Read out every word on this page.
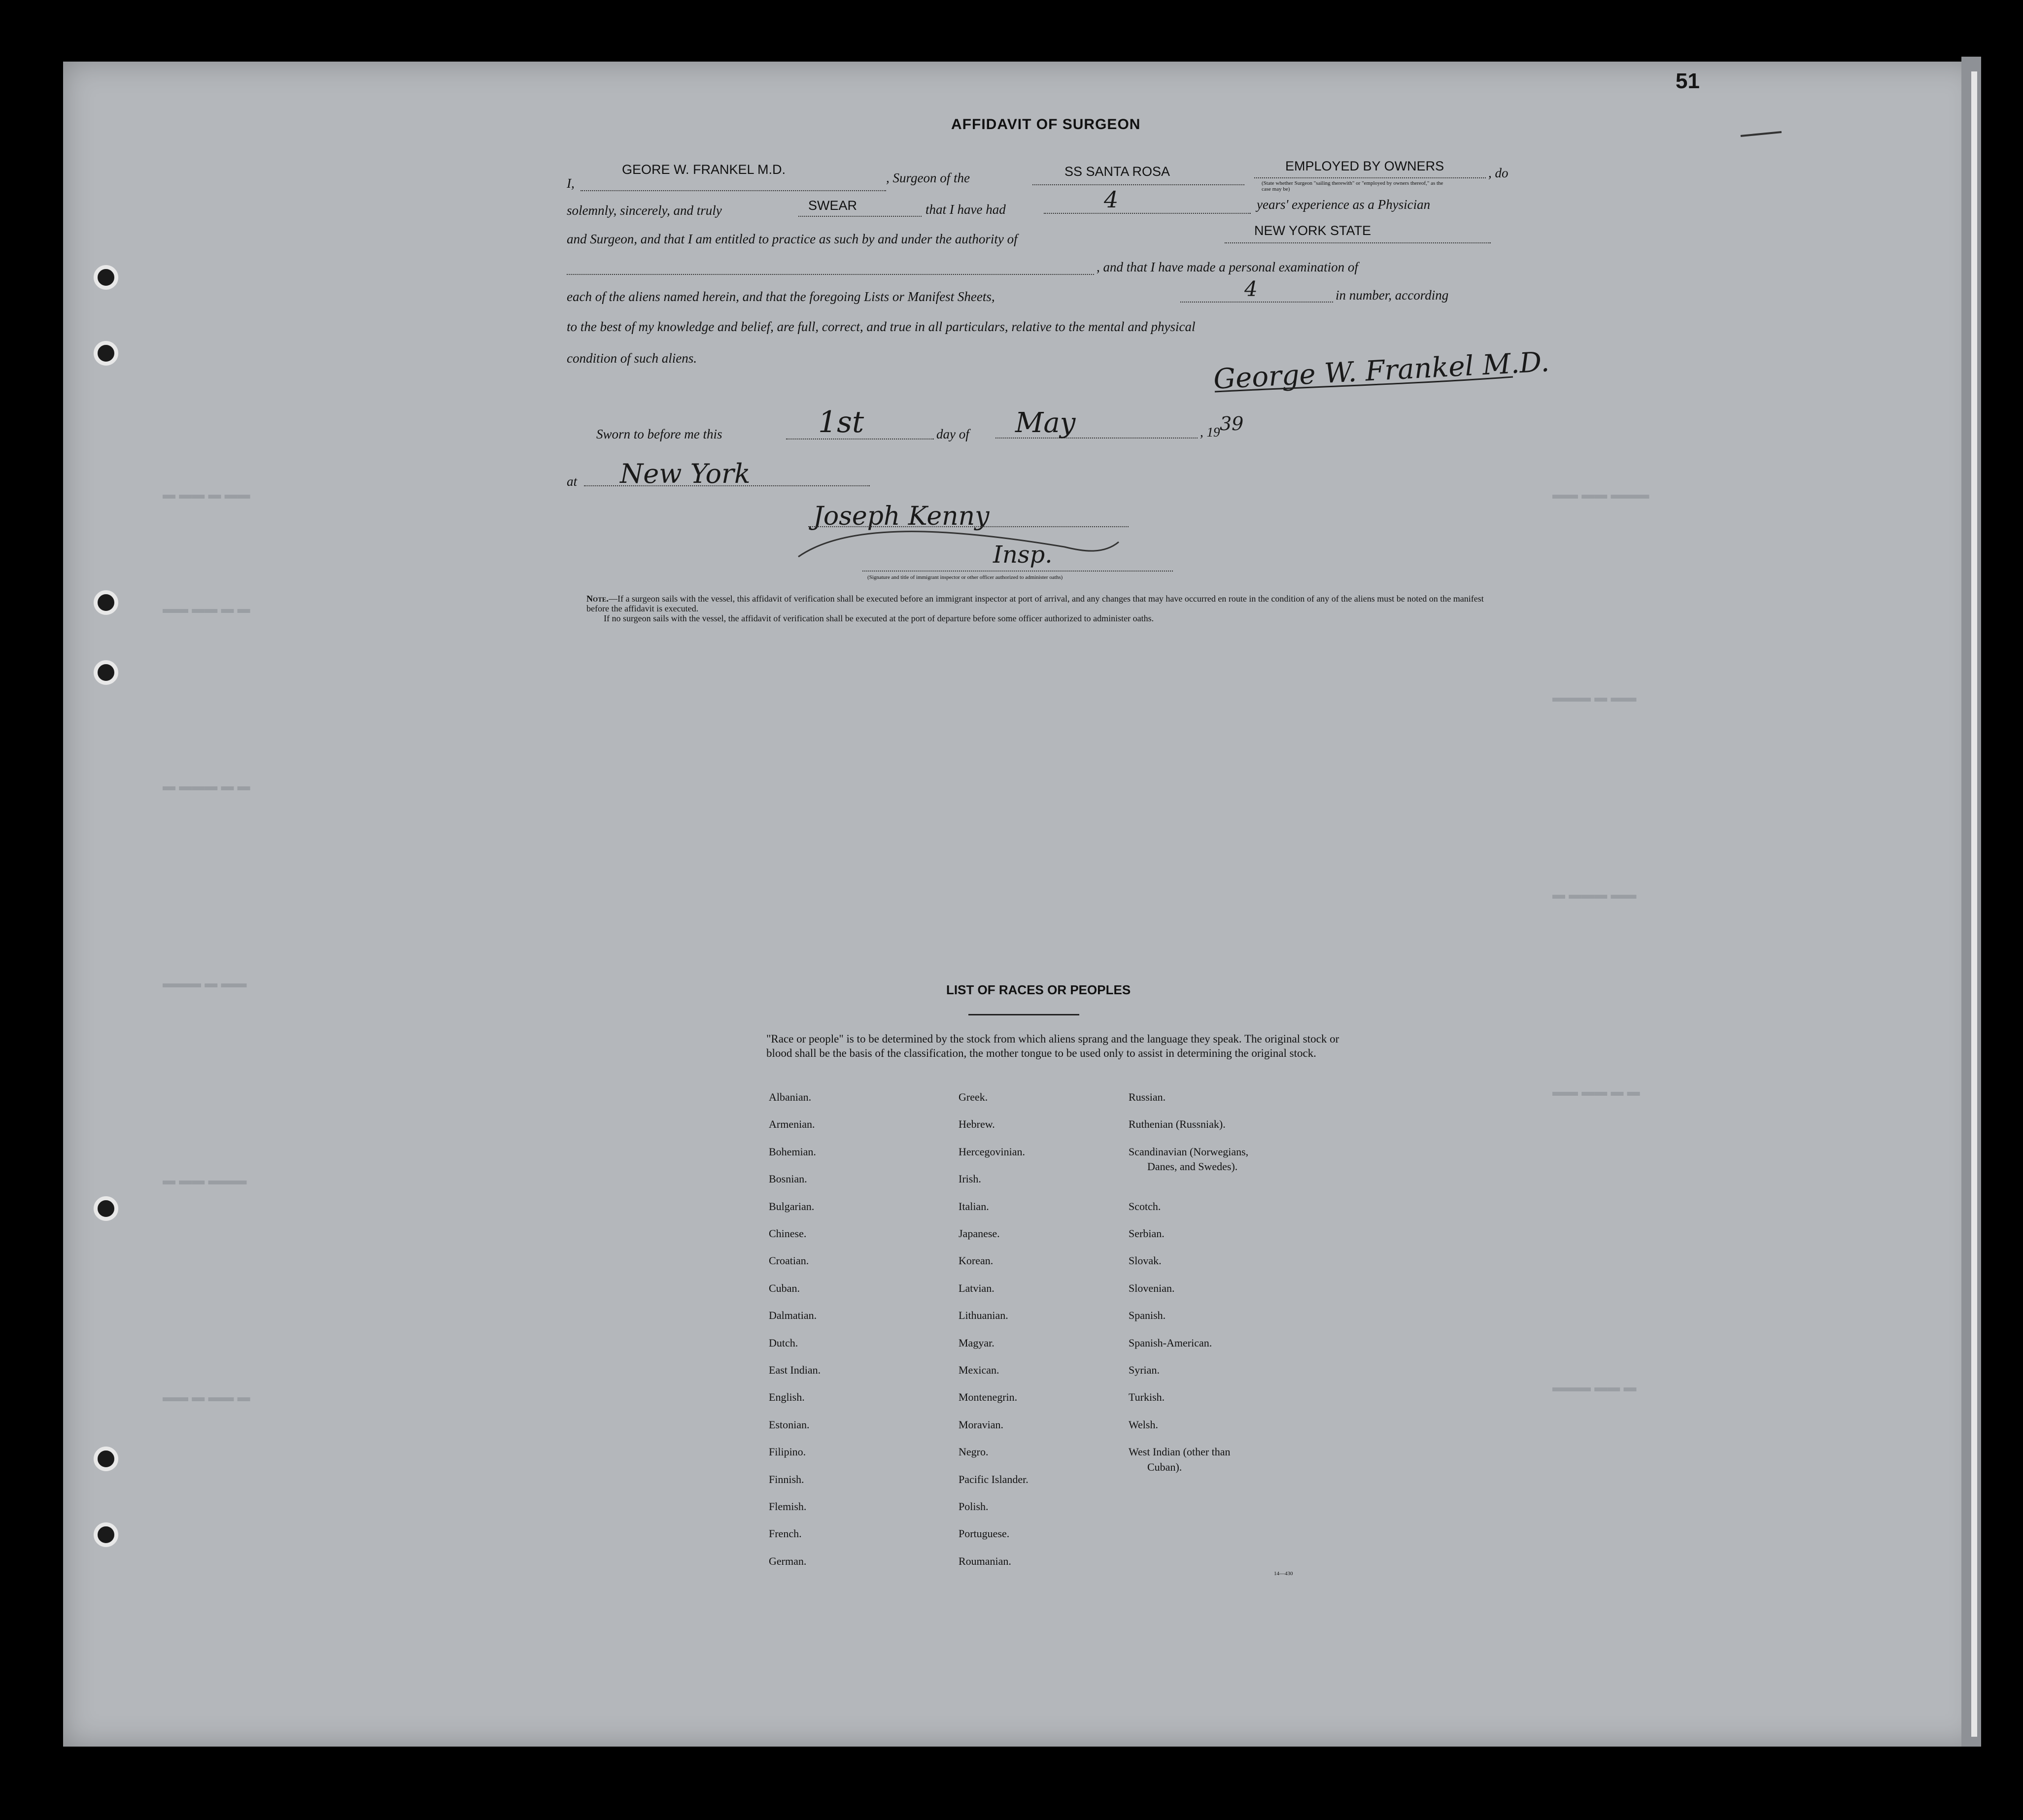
▬ ▬▬ ▬ ▬▬
▬▬ ▬▬ ▬ ▬
▬ ▬▬▬ ▬ ▬
▬▬▬ ▬ ▬▬
▬ ▬▬ ▬▬▬
▬▬ ▬ ▬▬ ▬
▬▬ ▬▬ ▬▬▬
▬▬▬ ▬ ▬▬
▬ ▬▬▬ ▬▬
▬▬ ▬▬ ▬ ▬
▬▬▬ ▬▬ ▬
51
AFFIDAVIT OF SURGEON
I,
GEORE W. FRANKEL M.D.
, Surgeon of the	SS SANTA ROSA	EMPLOYED BY OWNERS	, do
(State whether Surgeon "sailing therewith" or "employed by owners thereof," as the case may be)
solemnly, sincerely, and truly	SWEAR	that I have had	4	years' experience as a Physician
and Surgeon, and that I am entitled to practice as such by and under the authority of
NEW YORK STATE
, and that I have made a personal examination of
each of the aliens named herein, and that the foregoing Lists or Manifest Sheets,	4	in number, according
to the best of my knowledge and belief, are full, correct, and true in all particulars, relative to the mental and physical
condition of such aliens.	George W. Frankel M.D.
Sworn to before me this	1st	day of May	, 19 39
at New York
Joseph Kenny
Insp.
(Signature and title of immigrant inspector or other officer authorized to administer oaths)
Note.—If a surgeon sails with the vessel, this affidavit of verification shall be executed before an immigrant inspector at port of arrival, and any changes that may have occurred en route in the condition of any of the aliens must be noted on the manifest before the affidavit is executed.
If no surgeon sails with the vessel, the affidavit of verification shall be executed at the port of departure before some officer authorized to administer oaths.
LIST OF RACES OR PEOPLES
"Race or people" is to be determined by the stock from which aliens sprang and the language they speak. The original stock or blood shall be the basis of the classification, the mother tongue to be used only to assist in determining the original stock.
Albanian.
Armenian.
Bohemian.
Bosnian.
Bulgarian.
Chinese.
Croatian.
Cuban.
Dalmatian.
Dutch.
East Indian.
English.
Estonian.
Filipino.
Finnish.
Flemish.
French.
German.
Greek.
Hebrew.
Hercegovinian.
Irish.
Italian.
Japanese.
Korean.
Latvian.
Lithuanian.
Magyar.
Mexican.
Montenegrin.
Moravian.
Negro.
Pacific Islander.
Polish.
Portuguese.
Roumanian.
Russian.
Ruthenian (Russniak).
Scandinavian (Norwegians,
Danes, and Swedes).
Scotch.
Serbian.
Slovak.
Slovenian.
Spanish.
Spanish-American.
Syrian.
Turkish.
Welsh.
West Indian (other than
Cuban).
14—430
